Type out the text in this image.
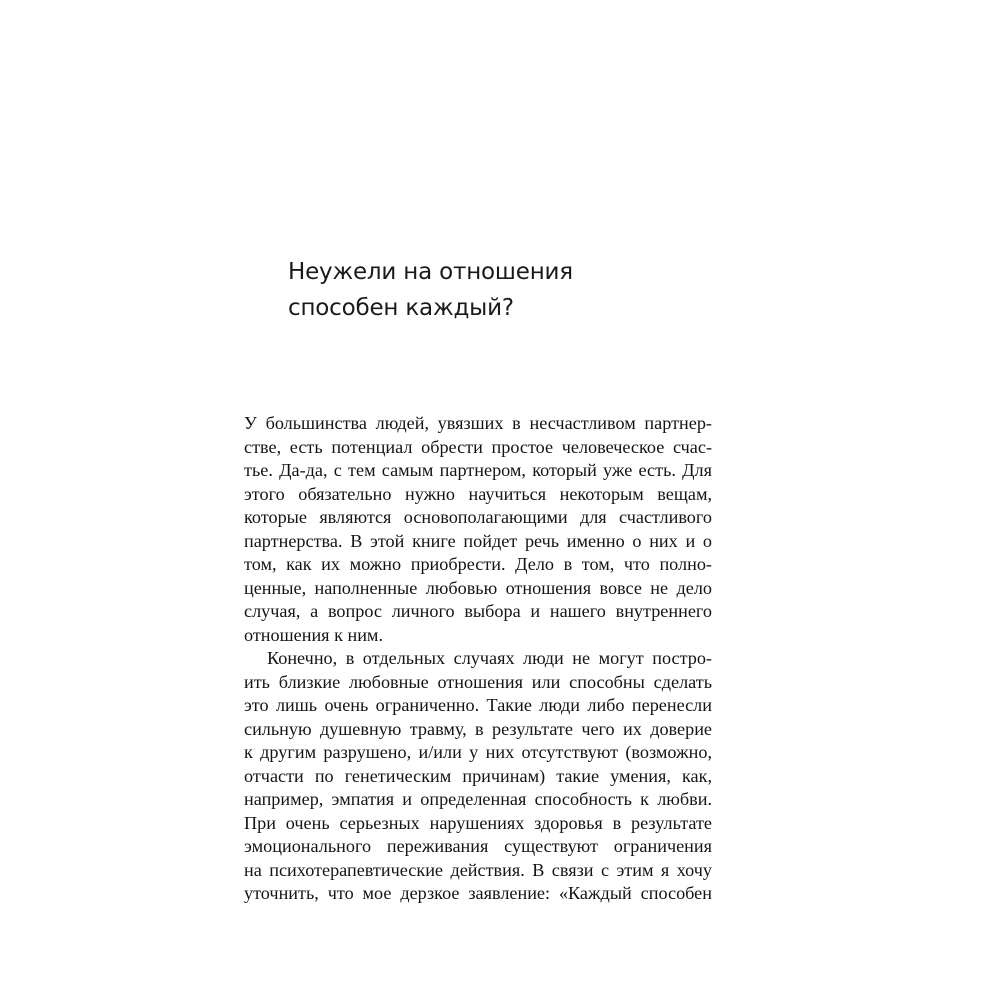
Неужели на отношения
способен каждый?
У большинства людей, увязших в несчастливом партнер-
стве, есть потенциал обрести простое человеческое счас-
тье. Да-да, с тем самым партнером, который уже есть. Для
этого обязательно нужно научиться некоторым вещам,
которые являются основополагающими для счастливого
партнерства. В этой книге пойдет речь именно о них и о
том, как их можно приобрести. Дело в том, что полно-
ценные, наполненные любовью отношения вовсе не дело
случая, а вопрос личного выбора и нашего внутреннего
отношения к ним.
Конечно, в отдельных случаях люди не могут постро-
ить близкие любовные отношения или способны сделать
это лишь очень ограниченно. Такие люди либо перенесли
сильную душевную травму, в результате чего их доверие
к другим разрушено, и/или у них отсутствуют (возможно,
отчасти по генетическим причинам) такие умения, как,
например, эмпатия и определенная способность к любви.
При очень серьезных нарушениях здоровья в результате
эмоционального переживания существуют ограничения
на психотерапевтические действия. В связи с этим я хочу
уточнить, что мое дерзкое заявление: «Каждый способен
